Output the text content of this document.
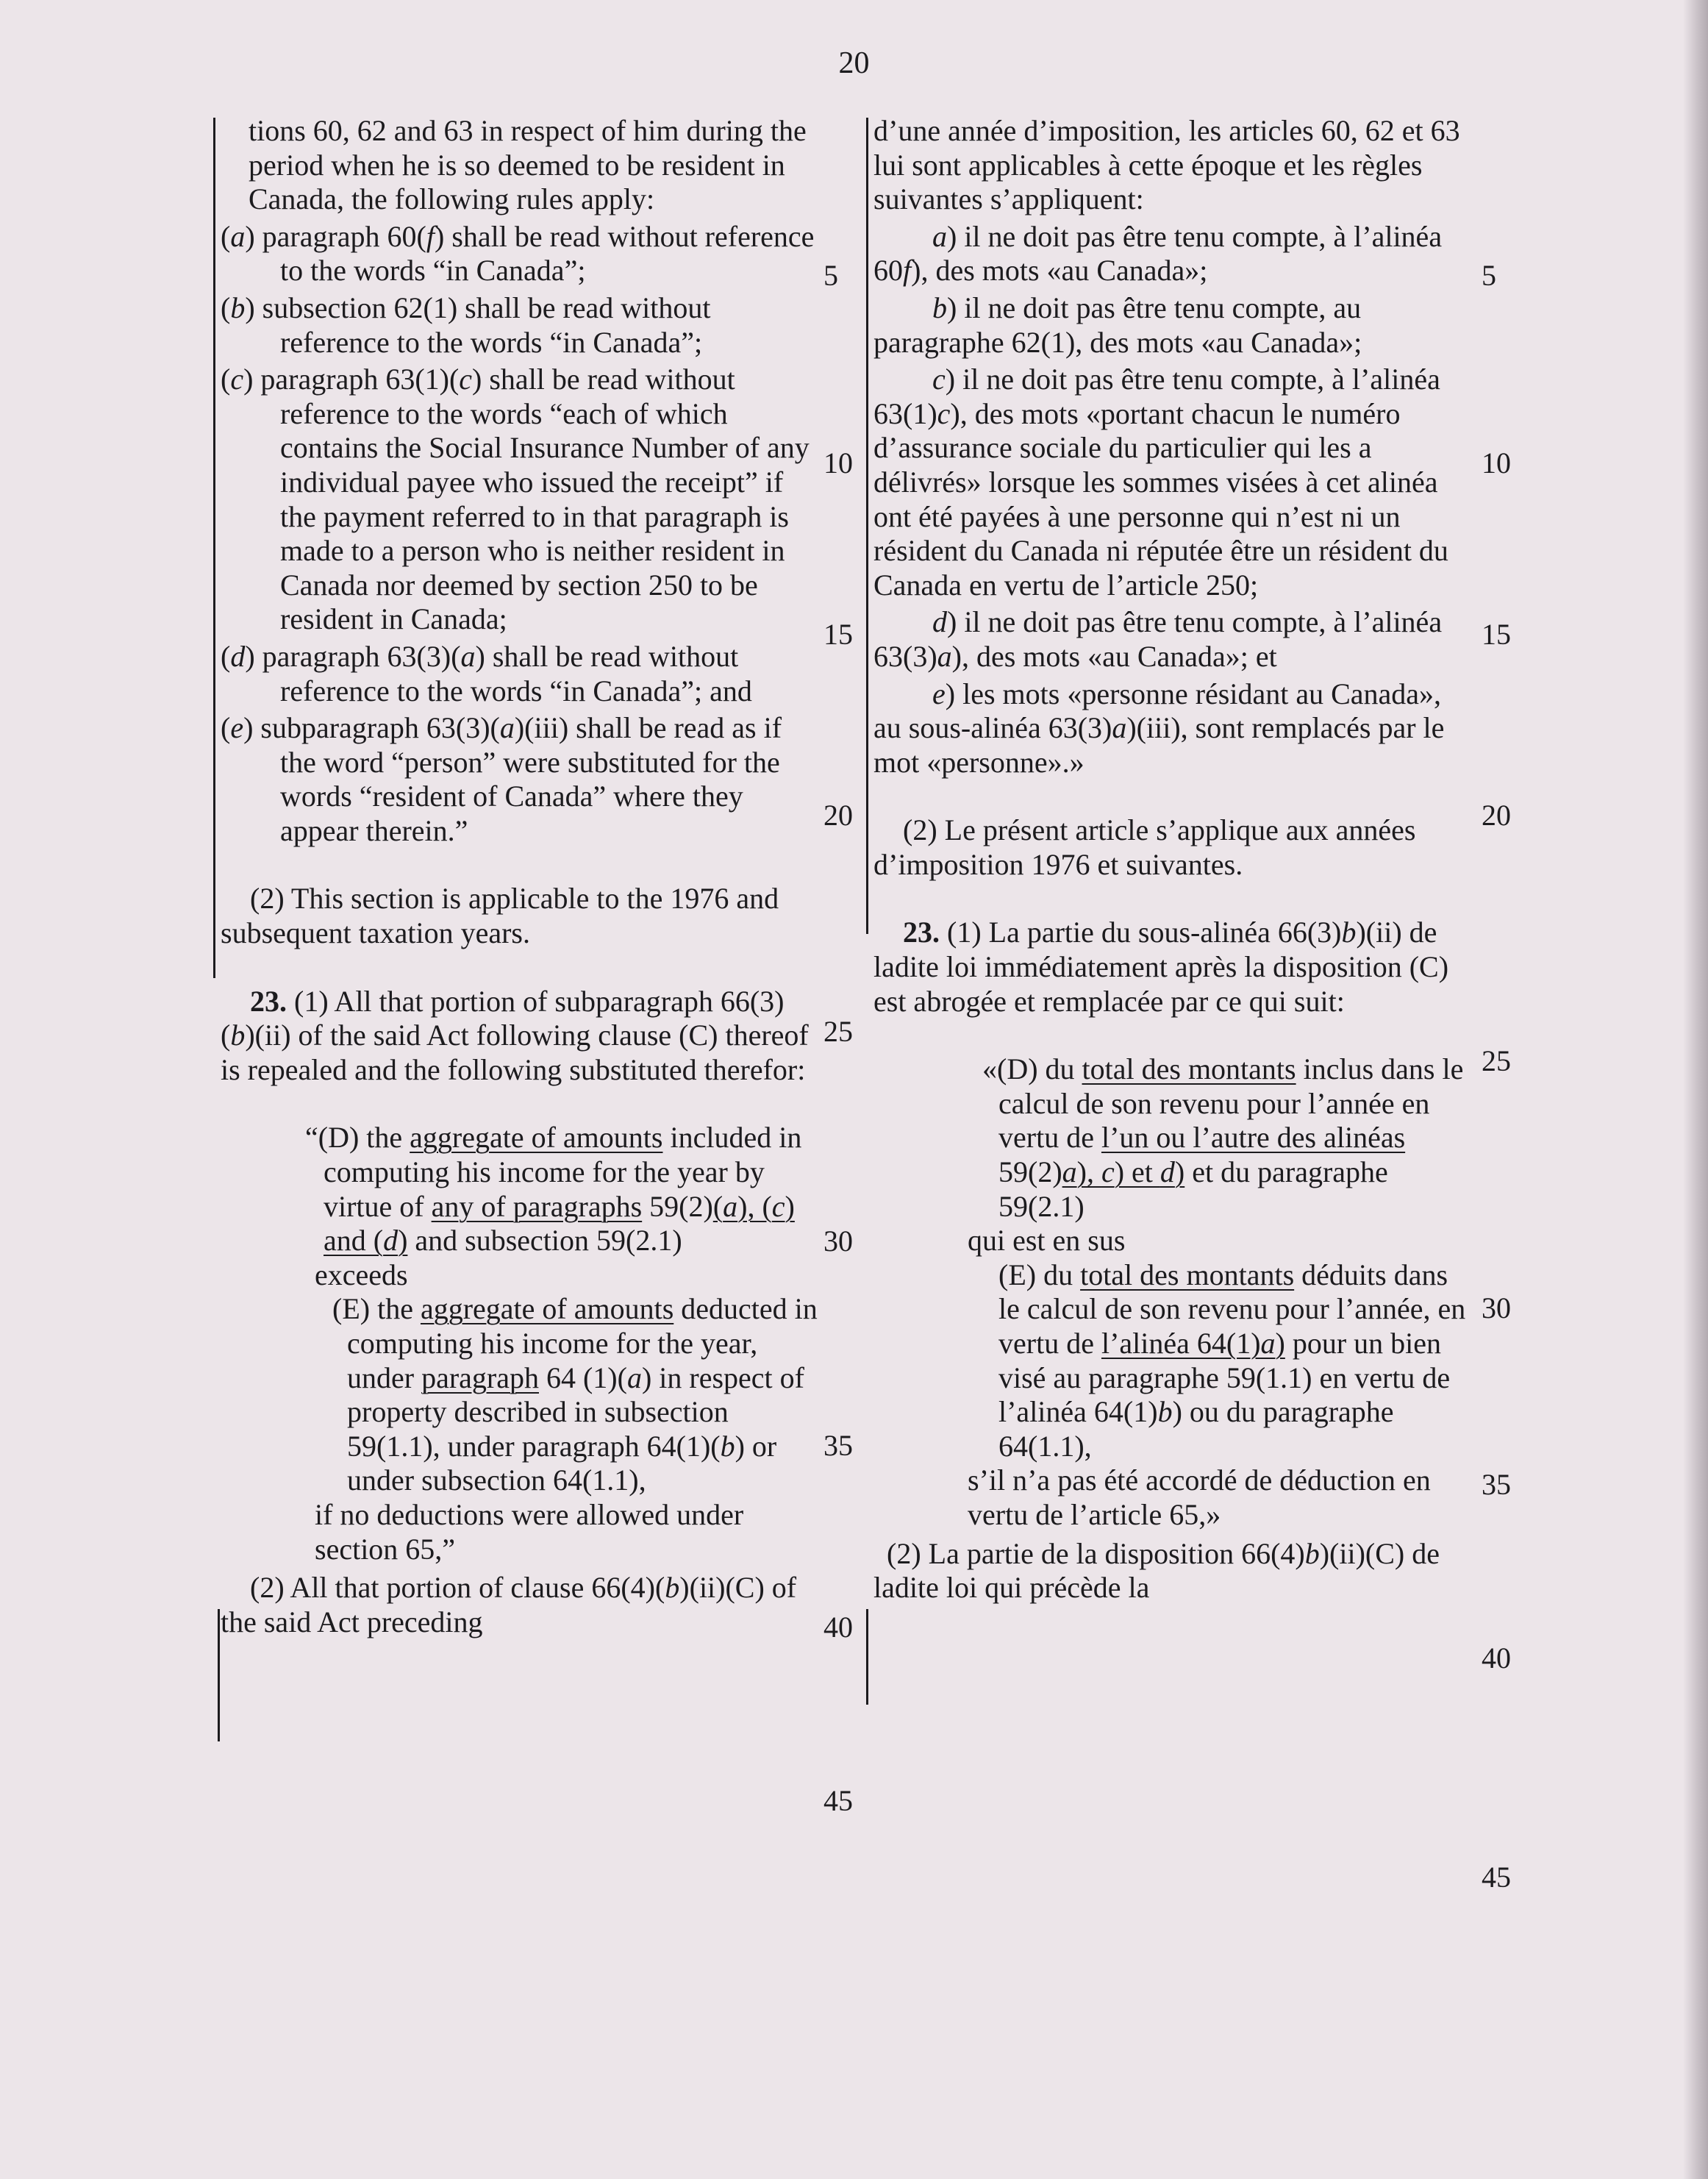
20

tions 60, 62 and 63 in respect of him during the period when he is so deemed to be resident in Canada, the following rules apply:

(a) paragraph 60(f) shall be read without reference to the words “in Canada”;

(b) subsection 62(1) shall be read without reference to the words “in Canada”;

(c) paragraph 63(1)(c) shall be read without reference to the words “each of which contains the Social Insurance Number of any individual payee who issued the receipt” if the payment referred to in that paragraph is made to a person who is neither resident in Canada nor deemed by section 250 to be resident in Canada;

(d) paragraph 63(3)(a) shall be read without reference to the words “in Canada”; and

(e) subparagraph 63(3)(a)(iii) shall be read as if the word “person” were substituted for the words “resident of Canada” where they appear therein.”

(2) This section is applicable to the 1976 and subsequent taxation years.

23. (1) All that portion of subparagraph 66(3)(b)(ii) of the said Act following clause (C) thereof is repealed and the following substituted therefor:

“(D) the aggregate of amounts included in computing his income for the year by virtue of any of paragraphs 59(2)(a), (c) and (d) and subsection 59(2.1)

exceeds

(E) the aggregate of amounts deducted in computing his income for the year, under paragraph 64 (1)(a) in respect of property described in subsection 59(1.1), under paragraph 64(1)(b) or under subsection 64(1.1),

if no deductions were allowed under section 65,”

(2) All that portion of clause 66(4)(b)(ii)(C) of the said Act preceding

d’une année d’imposition, les articles 60, 62 et 63 lui sont applicables à cette époque et les règles suivantes s’appliquent:

a) il ne doit pas être tenu compte, à l’alinéa 60f), des mots «au Canada»;

b) il ne doit pas être tenu compte, au paragraphe 62(1), des mots «au Canada»;

c) il ne doit pas être tenu compte, à l’alinéa 63(1)c), des mots «portant chacun le numéro d’assurance sociale du particulier qui les a délivrés» lorsque les sommes visées à cet alinéa ont été payées à une personne qui n’est ni un résident du Canada ni réputée être un résident du Canada en vertu de l’article 250;

d) il ne doit pas être tenu compte, à l’alinéa 63(3)a), des mots «au Canada»; et

e) les mots «personne résidant au Canada», au sous-alinéa 63(3)a)(iii), sont remplacés par le mot «personne».»

(2) Le présent article s’applique aux années d’imposition 1976 et suivantes.

23. (1) La partie du sous-alinéa 66(3)b)(ii) de ladite loi immédiatement après la disposition (C) est abrogée et remplacée par ce qui suit:

«(D) du total des montants inclus dans le calcul de son revenu pour l’année en vertu de l’un ou l’autre des alinéas 59(2)a), c) et d) et du paragraphe 59(2.1)

qui est en sus

(E) du total des montants déduits dans le calcul de son revenu pour l’année, en vertu de l’alinéa 64(1)a) pour un bien visé au paragraphe 59(1.1) en vertu de l’alinéa 64(1)b) ou du paragraphe 64(1.1),

s’il n’a pas été accordé de déduction en vertu de l’article 65,»

(2) La partie de la disposition 66(4)b)(ii)(C) de ladite loi qui précède la

5
10
15
20
25
30
35
40
45
5
10
15
20
25
30
35
40
45
